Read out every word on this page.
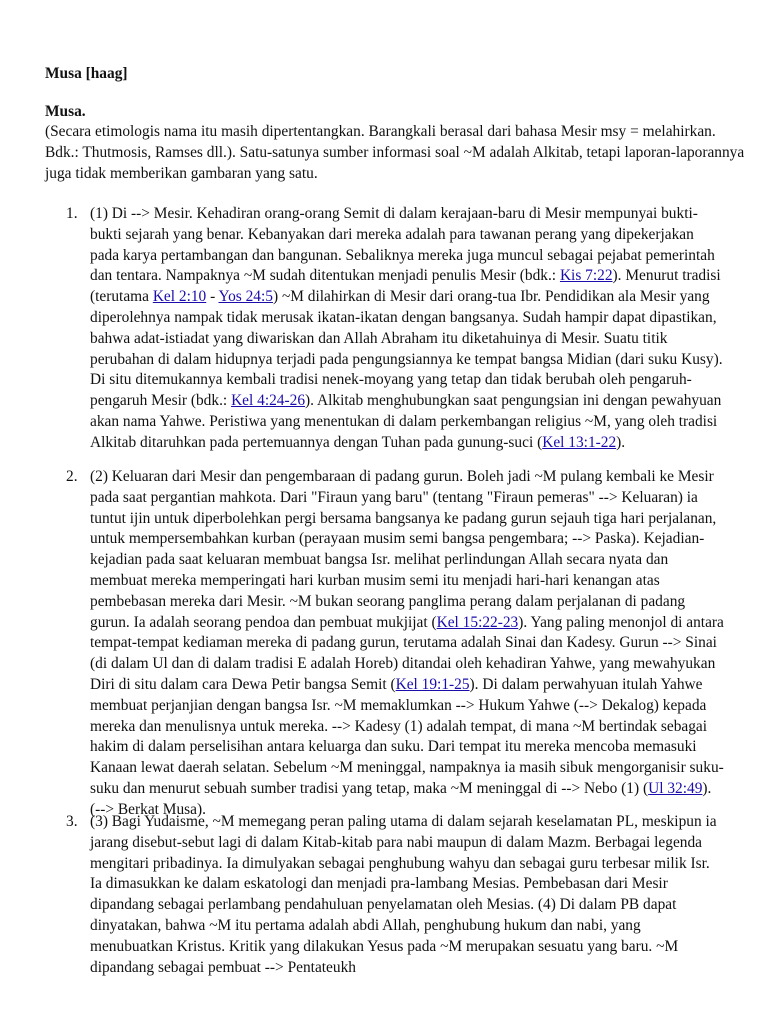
Musa [haag]

Musa.

(Secara etimologis nama itu masih dipertentangkan. Barangkali berasal dari bahasa Mesir msy = melahirkan. Bdk.: Thutmosis, Ramses dll.). Satu-satunya sumber informasi soal ~M adalah Alkitab, tetapi laporan-laporannya juga tidak memberikan gambaran yang satu.

1. (1) Di --> Mesir. Kehadiran orang-orang Semit di dalam kerajaan-baru di Mesir mempunyai bukti-bukti sejarah yang benar. Kebanyakan dari mereka adalah para tawanan perang yang dipekerjakan pada karya pertambangan dan bangunan. Sebaliknya mereka juga muncul sebagai pejabat pemerintah dan tentara. Nampaknya ~M sudah ditentukan menjadi penulis Mesir (bdk.: Kis 7:22). Menurut tradisi (terutama Kel 2:10 - Yos 24:5) ~M dilahirkan di Mesir dari orang-tua Ibr. Pendidikan ala Mesir yang diperolehnya nampak tidak merusak ikatan-ikatan dengan bangsanya. Sudah hampir dapat dipastikan, bahwa adat-istiadat yang diwariskan dan Allah Abraham itu diketahuinya di Mesir. Suatu titik perubahan di dalam hidupnya terjadi pada pengungsiannya ke tempat bangsa Midian (dari suku Kusy). Di situ ditemukannya kembali tradisi nenek-moyang yang tetap dan tidak berubah oleh pengaruh-pengaruh Mesir (bdk.: Kel 4:24-26). Alkitab menghubungkan saat pengungsian ini dengan pewahyuan akan nama Yahwe. Peristiwa yang menentukan di dalam perkembangan religius ~M, yang oleh tradisi Alkitab ditaruhkan pada pertemuannya dengan Tuhan pada gunung-suci (Kel 13:1-22).
2. (2) Keluaran dari Mesir dan pengembaraan di padang gurun. Boleh jadi ~M pulang kembali ke Mesir pada saat pergantian mahkota. Dari "Firaun yang baru" (tentang "Firaun pemeras" --> Keluaran) ia tuntut ijin untuk diperbolehkan pergi bersama bangsanya ke padang gurun sejauh tiga hari perjalanan, untuk mempersembahkan kurban (perayaan musim semi bangsa pengembara; --> Paska). Kejadian-kejadian pada saat keluaran membuat bangsa Isr. melihat perlindungan Allah secara nyata dan membuat mereka memperingati hari kurban musim semi itu menjadi hari-hari kenangan atas pembebasan mereka dari Mesir. ~M bukan seorang panglima perang dalam perjalanan di padang gurun. Ia adalah seorang pendoa dan pembuat mukjijat (Kel 15:22-23). Yang paling menonjol di antara tempat-tempat kediaman mereka di padang gurun, terutama adalah Sinai dan Kadesy. Gurun --> Sinai (di dalam Ul dan di dalam tradisi E adalah Horeb) ditandai oleh kehadiran Yahwe, yang mewahyukan Diri di situ dalam cara Dewa Petir bangsa Semit (Kel 19:1-25). Di dalam perwahyuan itulah Yahwe membuat perjanjian dengan bangsa Isr. ~M memaklumkan --> Hukum Yahwe (--> Dekalog) kepada mereka dan menulisnya untuk mereka. --> Kadesy (1) adalah tempat, di mana ~M bertindak sebagai hakim di dalam perselisihan antara keluarga dan suku. Dari tempat itu mereka mencoba memasuki Kanaan lewat daerah selatan. Sebelum ~M meninggal, nampaknya ia masih sibuk mengorganisir suku-suku dan menurut sebuah sumber tradisi yang tetap, maka ~M meninggal di --> Nebo (1) (Ul 32:49). (--> Berkat Musa).
3. (3) Bagi Yudaisme, ~M memegang peran paling utama di dalam sejarah keselamatan PL, meskipun ia jarang disebut-sebut lagi di dalam Kitab-kitab para nabi maupun di dalam Mazm. Berbagai legenda mengitari pribadinya. Ia dimulyakan sebagai penghubung wahyu dan sebagai guru terbesar milik Isr. Ia dimasukkan ke dalam eskatologi dan menjadi pra-lambang Mesias. Pembebasan dari Mesir dipandang sebagai perlambang pendahuluan penyelamatan oleh Mesias. (4) Di dalam PB dapat dinyatakan, bahwa ~M itu pertama adalah abdi Allah, penghubung hukum dan nabi, yang menubuatkan Kristus. Kritik yang dilakukan Yesus pada ~M merupakan sesuatu yang baru. ~M dipandang sebagai pembuat --> Pentateukh
